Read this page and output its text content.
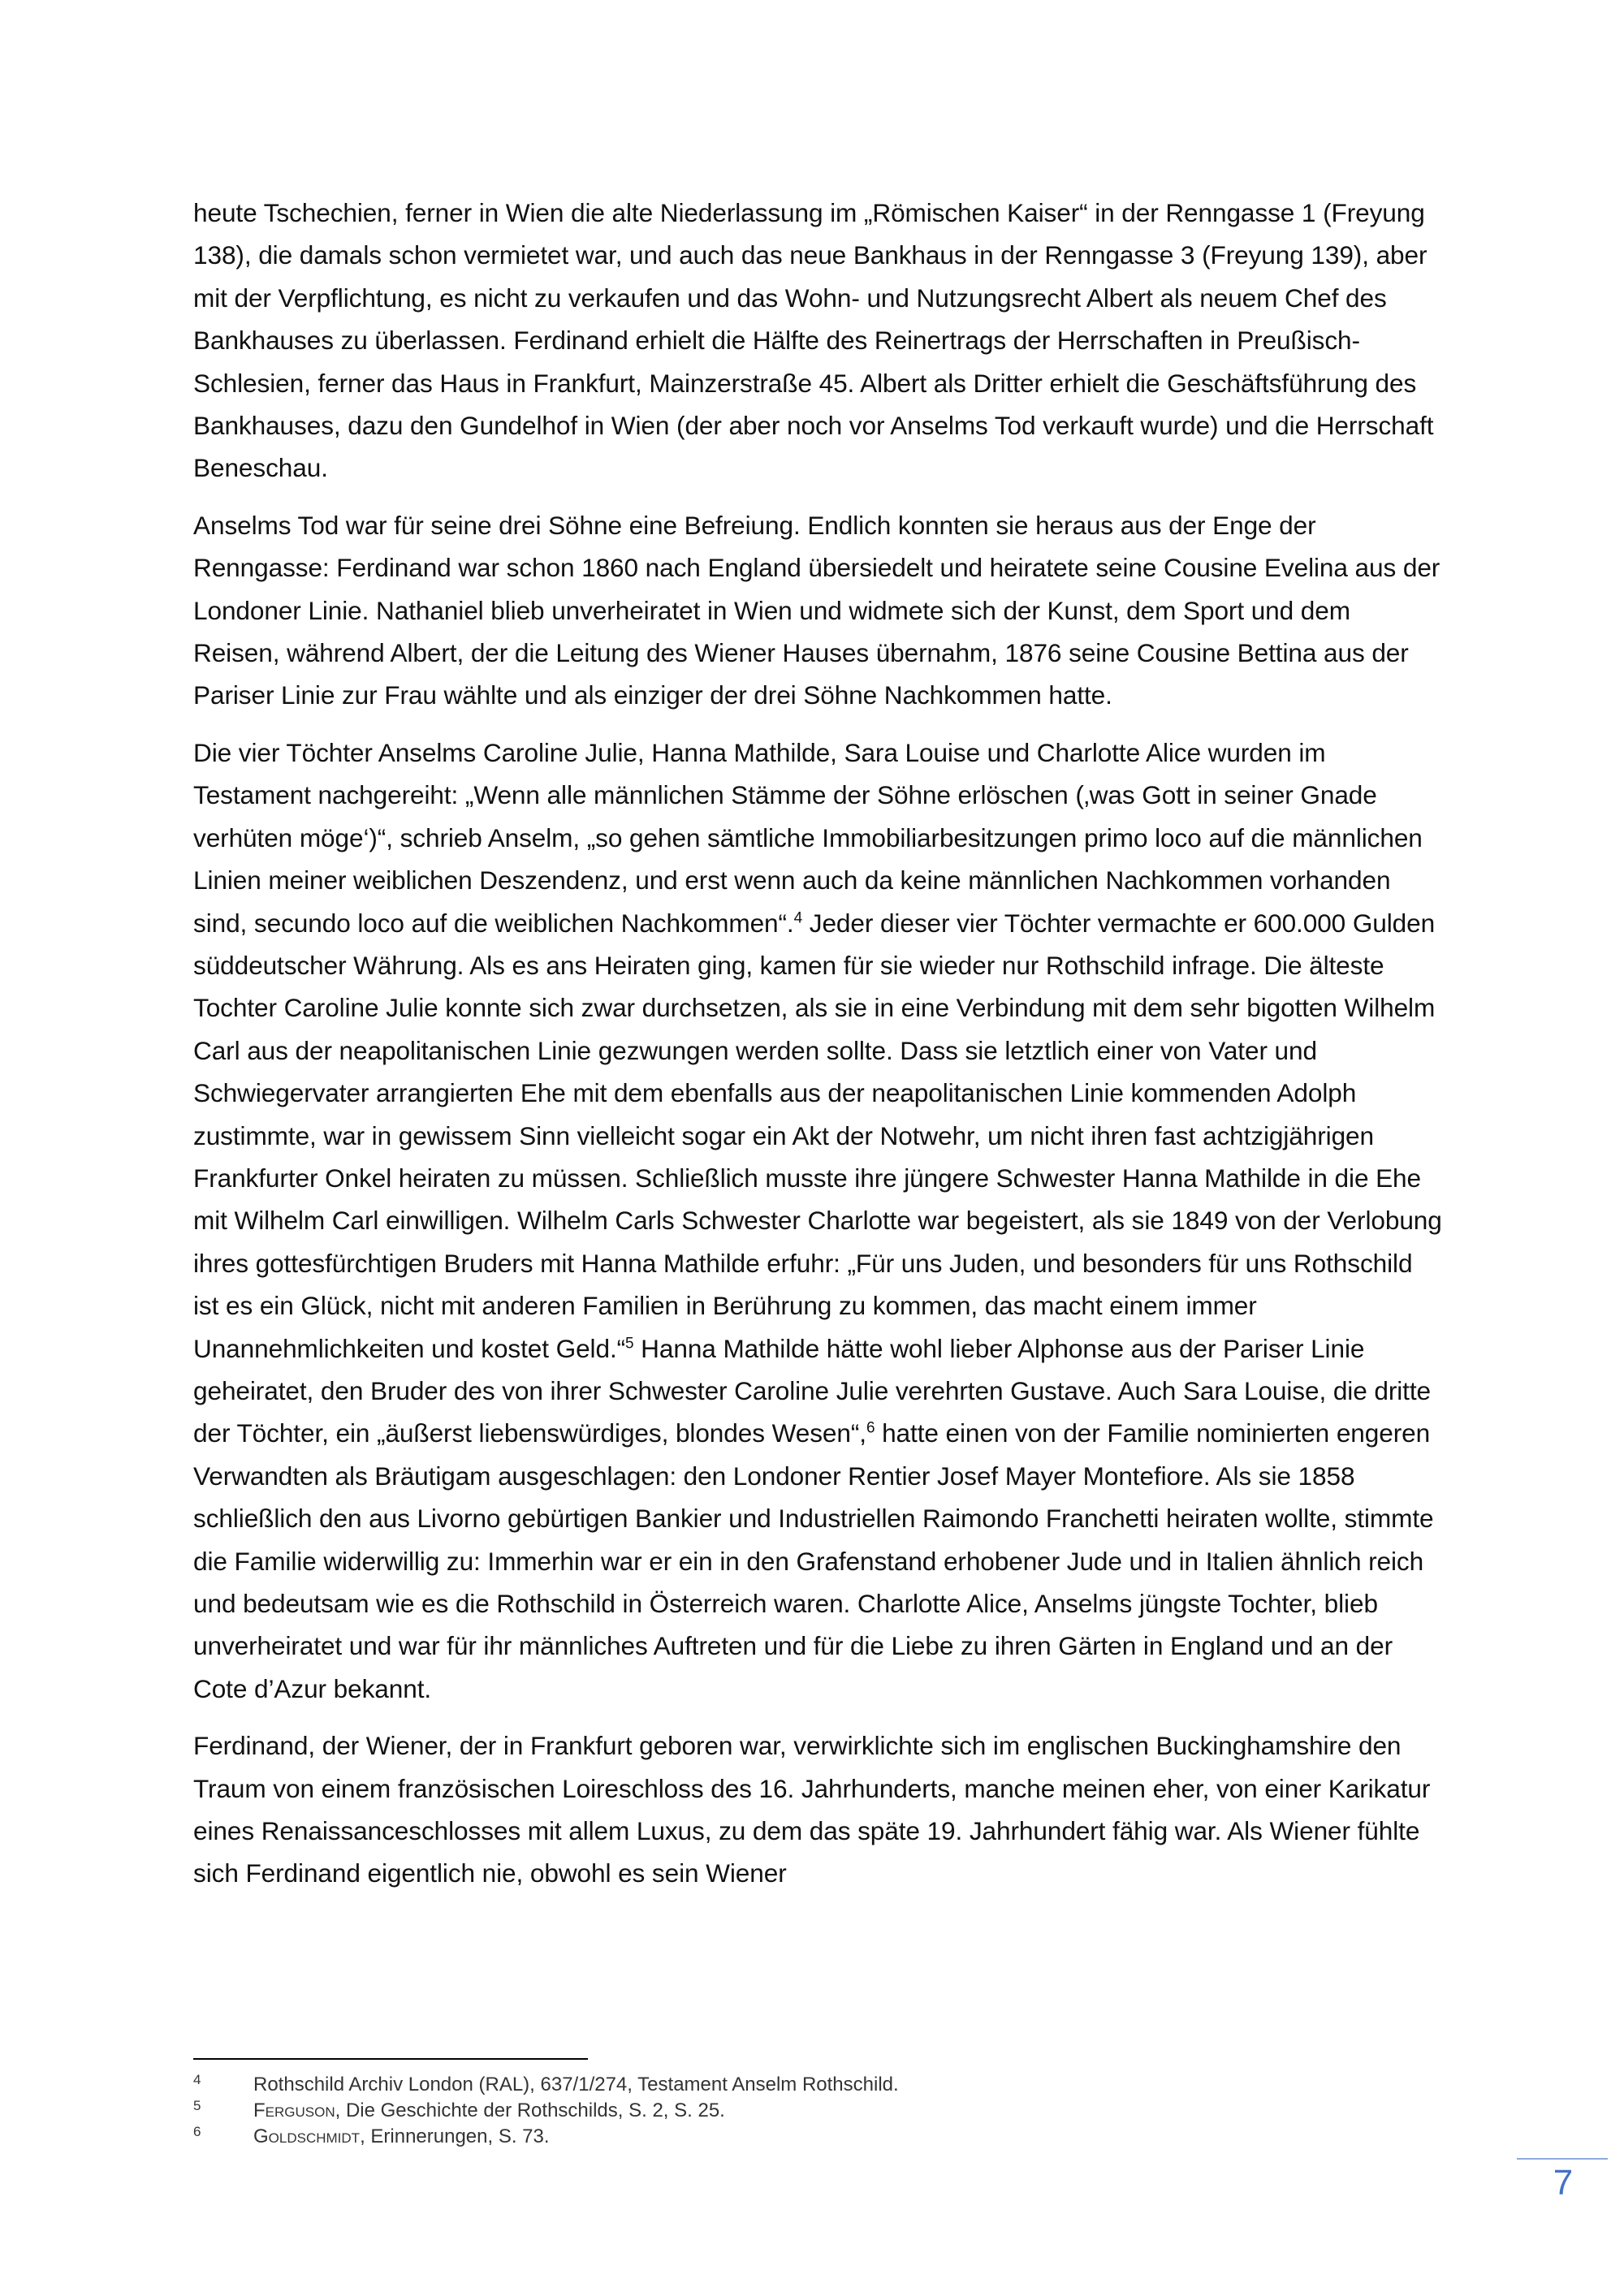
heute Tschechien, ferner in Wien die alte Niederlassung im „Römischen Kaiser“ in der Renngasse 1 (Freyung 138), die damals schon vermietet war, und auch das neue Bankhaus in der Renngasse 3 (Freyung 139), aber mit der Verpflichtung, es nicht zu verkaufen und das Wohn- und Nutzungsrecht Albert als neuem Chef des Bankhauses zu überlassen. Ferdinand erhielt die Hälfte des Reinertrags der Herrschaften in Preußisch-Schlesien, ferner das Haus in Frankfurt, Mainzerstraße 45. Albert als Dritter erhielt die Geschäftsführung des Bankhauses, dazu den Gundelhof in Wien (der aber noch vor Anselms Tod verkauft wurde) und die Herrschaft Beneschau.

Anselms Tod war für seine drei Söhne eine Befreiung. Endlich konnten sie heraus aus der Enge der Renngasse: Ferdinand war schon 1860 nach England übersiedelt und heiratete seine Cousine Evelina aus der Londoner Linie. Nathaniel blieb unverheiratet in Wien und widmete sich der Kunst, dem Sport und dem Reisen, während Albert, der die Leitung des Wiener Hauses übernahm, 1876 seine Cousine Bettina aus der Pariser Linie zur Frau wählte und als einziger der drei Söhne Nachkommen hatte.

Die vier Töchter Anselms Caroline Julie, Hanna Mathilde, Sara Louise und Charlotte Alice wurden im Testament nachgereiht: „Wenn alle männlichen Stämme der Söhne erlöschen (‚was Gott in seiner Gnade verhüten möge‘)“, schrieb Anselm, „so gehen sämtliche Immobiliarbesitzungen primo loco auf die männlichen Linien meiner weiblichen Deszendenz, und erst wenn auch da keine männlichen Nachkommen vorhanden sind, secundo loco auf die weiblichen Nachkommen“.$^4$ Jeder dieser vier Töchter vermachte er 600.000 Gulden süddeutscher Währung. Als es ans Heiraten ging, kamen für sie wieder nur Rothschild infrage. Die älteste Tochter Caroline Julie konnte sich zwar durchsetzen, als sie in eine Verbindung mit dem sehr bigotten Wilhelm Carl aus der neapolitanischen Linie gezwungen werden sollte. Dass sie letztlich einer von Vater und Schwiegervater arrangierten Ehe mit dem ebenfalls aus der neapolitanischen Linie kommenden Adolph zustimmte, war in gewissem Sinn vielleicht sogar ein Akt der Notwehr, um nicht ihren fast achtzigjährigen Frankfurter Onkel heiraten zu müssen. Schließlich musste ihre jüngere Schwester Hanna Mathilde in die Ehe mit Wilhelm Carl einwilligen. Wilhelm Carls Schwester Charlotte war begeistert, als sie 1849 von der Verlobung ihres gottesfürchtigen Bruders mit Hanna Mathilde erfuhr: „Für uns Juden, und besonders für uns Rothschild ist es ein Glück, nicht mit anderen Familien in Berührung zu kommen, das macht einem immer Unannehmlichkeiten und kostet Geld.“$^5$ Hanna Mathilde hätte wohl lieber Alphonse aus der Pariser Linie geheiratet, den Bruder des von ihrer Schwester Caroline Julie verehrten Gustave. Auch Sara Louise, die dritte der Töchter, ein „äußerst liebenswürdiges, blondes Wesen“,$^6$ hatte einen von der Familie nominierten engeren Verwandten als Bräutigam ausgeschlagen: den Londoner Rentier Josef Mayer Montefiore. Als sie 1858 schließlich den aus Livorno gebürtigen Bankier und Industriellen Raimondo Franchetti heiraten wollte, stimmte die Familie widerwillig zu: Immerhin war er ein in den Grafenstand erhobener Jude und in Italien ähnlich reich und bedeutsam wie es die Rothschild in Österreich waren. Charlotte Alice, Anselms jüngste Tochter, blieb unverheiratet und war für ihr männliches Auftreten und für die Liebe zu ihren Gärten in England und an der Cote d’Azur bekannt.

Ferdinand, der Wiener, der in Frankfurt geboren war, verwirklichte sich im englischen Buckinghamshire den Traum von einem französischen Loireschloss des 16. Jahrhunderts, manche meinen eher, von einer Karikatur eines Renaissanceschlosses mit allem Luxus, zu dem das späte 19. Jahrhundert fähig war. Als Wiener fühlte sich Ferdinand eigentlich nie, obwohl es sein Wiener

4	Rothschild Archiv London (RAL), 637/1/274, Testament Anselm Rothschild.
5	Ferguson, Die Geschichte der Rothschilds, S. 2, S. 25.
6	Goldschmidt, Erinnerungen, S. 73.
7
